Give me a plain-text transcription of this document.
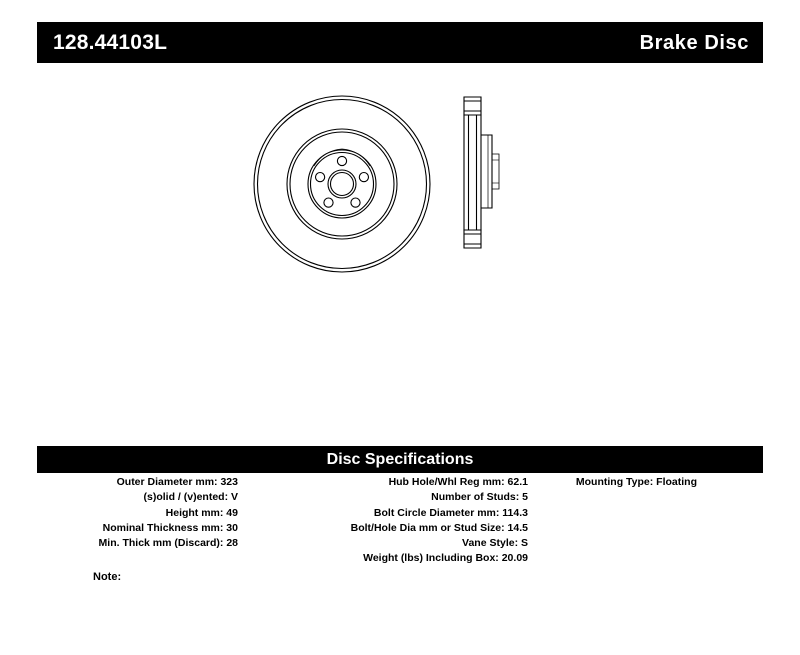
128.44103L	Brake Disc
Disc Specifications
Outer Diameter mm: 323
(s)olid / (v)ented: V
Height mm: 49
Nominal Thickness mm: 30
Min. Thick mm (Discard): 28
Hub Hole/Whl Reg mm: 62.1
Number of Studs: 5
Bolt Circle Diameter mm: 114.3
Bolt/Hole Dia mm or Stud Size: 14.5
Vane Style: S
Weight (lbs) Including Box: 20.09
Mounting Type: Floating
Note:
